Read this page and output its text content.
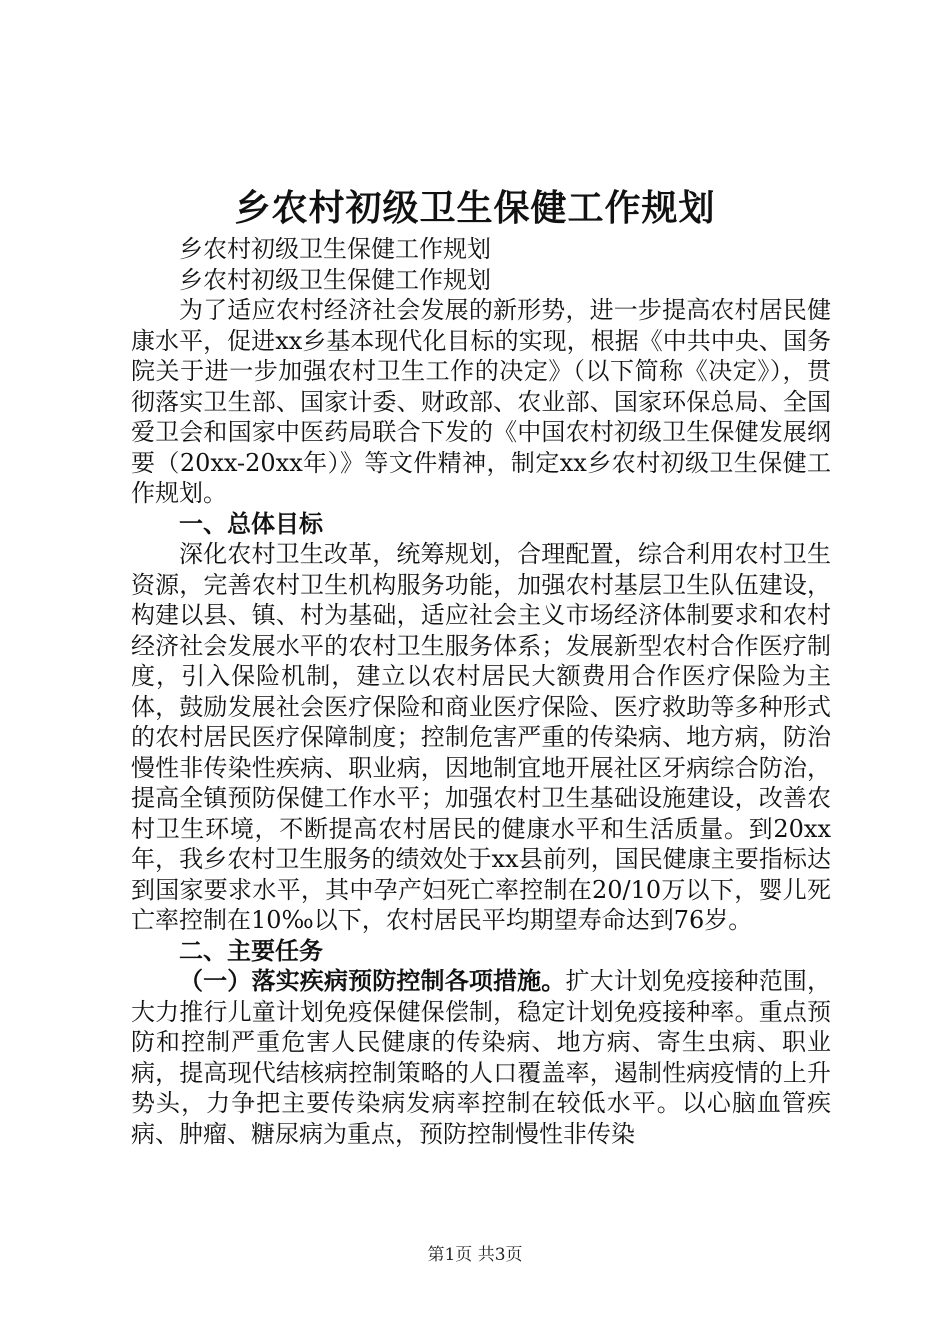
乡农村初级卫生保健工作规划

乡农村初级卫生保健工作规划

乡农村初级卫生保健工作规划

为了适应农村经济社会发展的新形势，进一步提高农村居民健康水平，促进xx乡基本现代化目标的实现，根据《中共中央、国务院关于进一步加强农村卫生工作的决定》（以下简称《决定》），贯彻落实卫生部、国家计委、财政部、农业部、国家环保总局、全国爱卫会和国家中医药局联合下发的《中国农村初级卫生保健发展纲要（20xx-20xx年）》等文件精神，制定xx乡农村初级卫生保健工作规划。

一、总体目标

深化农村卫生改革，统筹规划，合理配置，综合利用农村卫生资源，完善农村卫生机构服务功能，加强农村基层卫生队伍建设，构建以县、镇、村为基础，适应社会主义市场经济体制要求和农村经济社会发展水平的农村卫生服务体系；发展新型农村合作医疗制度，引入保险机制，建立以农村居民大额费用合作医疗保险为主体，鼓励发展社会医疗保险和商业医疗保险、医疗救助等多种形式的农村居民医疗保障制度；控制危害严重的传染病、地方病，防治慢性非传染性疾病、职业病，因地制宜地开展社区牙病综合防治，提高全镇预防保健工作水平；加强农村卫生基础设施建设，改善农村卫生环境，不断提高农村居民的健康水平和生活质量。到20xx年，我乡农村卫生服务的绩效处于xx县前列，国民健康主要指标达到国家要求水平，其中孕产妇死亡率控制在20/10万以下，婴儿死亡率控制在10‰以下，农村居民平均期望寿命达到76岁。

二、主要任务

（一）落实疾病预防控制各项措施。扩大计划免疫接种范围，大力推行儿童计划免疫保健保偿制，稳定计划免疫接种率。重点预防和控制严重危害人民健康的传染病、地方病、寄生虫病、职业病，提高现代结核病控制策略的人口覆盖率，遏制性病疫情的上升势头，力争把主要传染病发病率控制在较低水平。以心脑血管疾病、肿瘤、糖尿病为重点，预防控制慢性非传染

第1页 共3页
